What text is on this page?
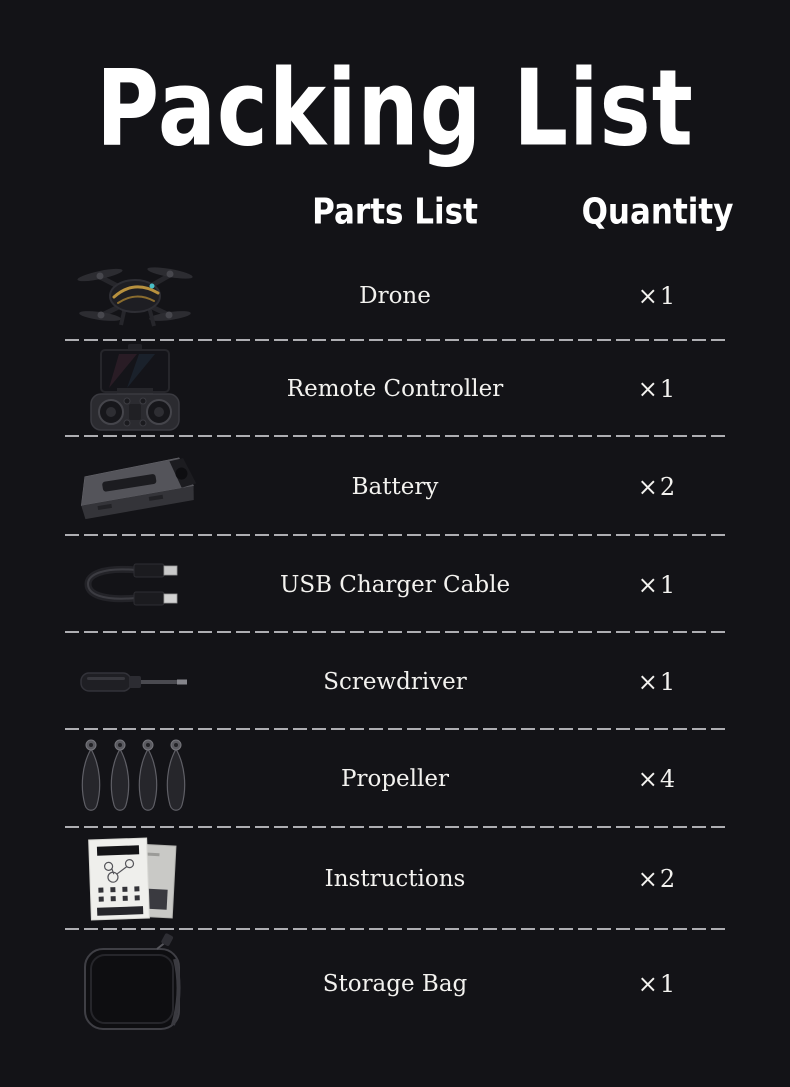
Packing List
Parts List	Quantity
Drone	×1
Remote Controller	×1
Battery	×2
USB Charger Cable	×1
Screwdriver	×1
Propeller	×4
Instructions	×2
Storage Bag	×1
